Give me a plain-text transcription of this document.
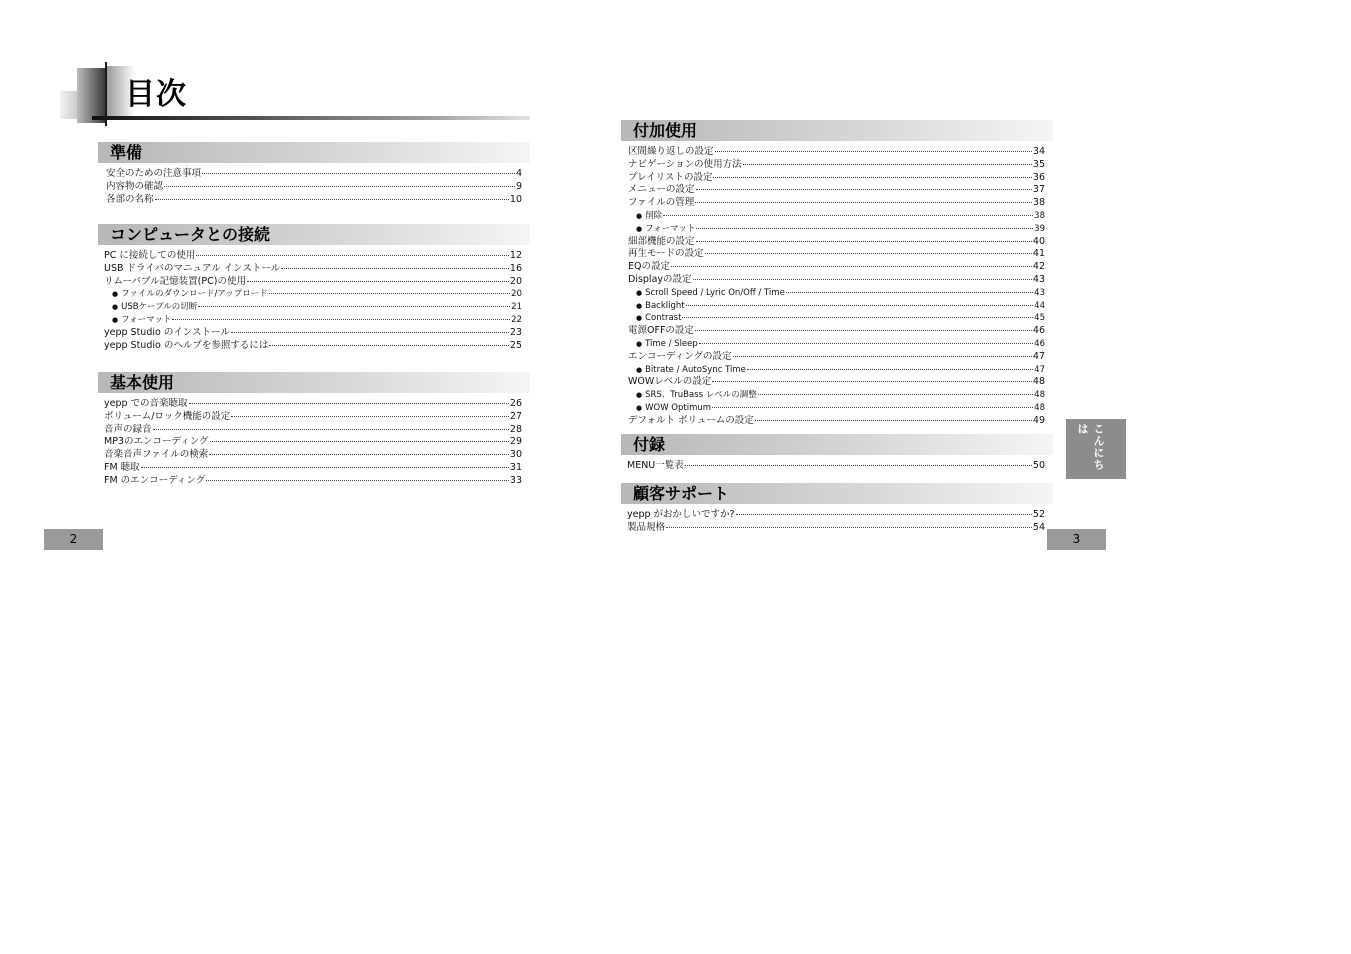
目次
準備
安全のための注意事項	4
内容物の確認	9
各部の名称	10
コンピュータとの接続
PC に接続しての使用	12
USB ドライバのマニュアル インストール	16
リムーバブル記憶装置(PC)の使用	20
● ファイルのダウンロード/アップロード	20
● USBケーブルの切断	21
● フォーマット	22
yepp Studio のインストール	23
yepp Studio のヘルプを参照するには	25
基本使用
yepp での音楽聴取	26
ボリューム/ロック機能の設定	27
音声の録音	28
MP3のエンコーディング	29
音楽音声ファイルの検索	30
FM 聴取	31
FM のエンコーディング	33
付加使用
区間繰り返しの設定	34
ナビゲーションの使用方法	35
プレイリストの設定	36
メニューの設定	37
ファイルの管理	38
● 削除	38
● フォーマット	39
細部機能の設定	40
再生モードの設定	41
EQの設定	42
Displayの設定	43
● Scroll Speed / Lyric On/Off / Time	43
● Backlight	44
● Contrast	45
電源OFFの設定	46
● Time / Sleep	46
エンコーディングの設定	47
● Bitrate / AutoSync Time	47
WOWレベルの設定	48
● SRS、TruBass レベルの調整	48
● WOW Optimum	48
デフォルト ボリュームの設定	49
付録
MENU一覧表	50
顧客サポート
yepp がおかしいですか?	52
製品規格	54
こんにちは
2	3
